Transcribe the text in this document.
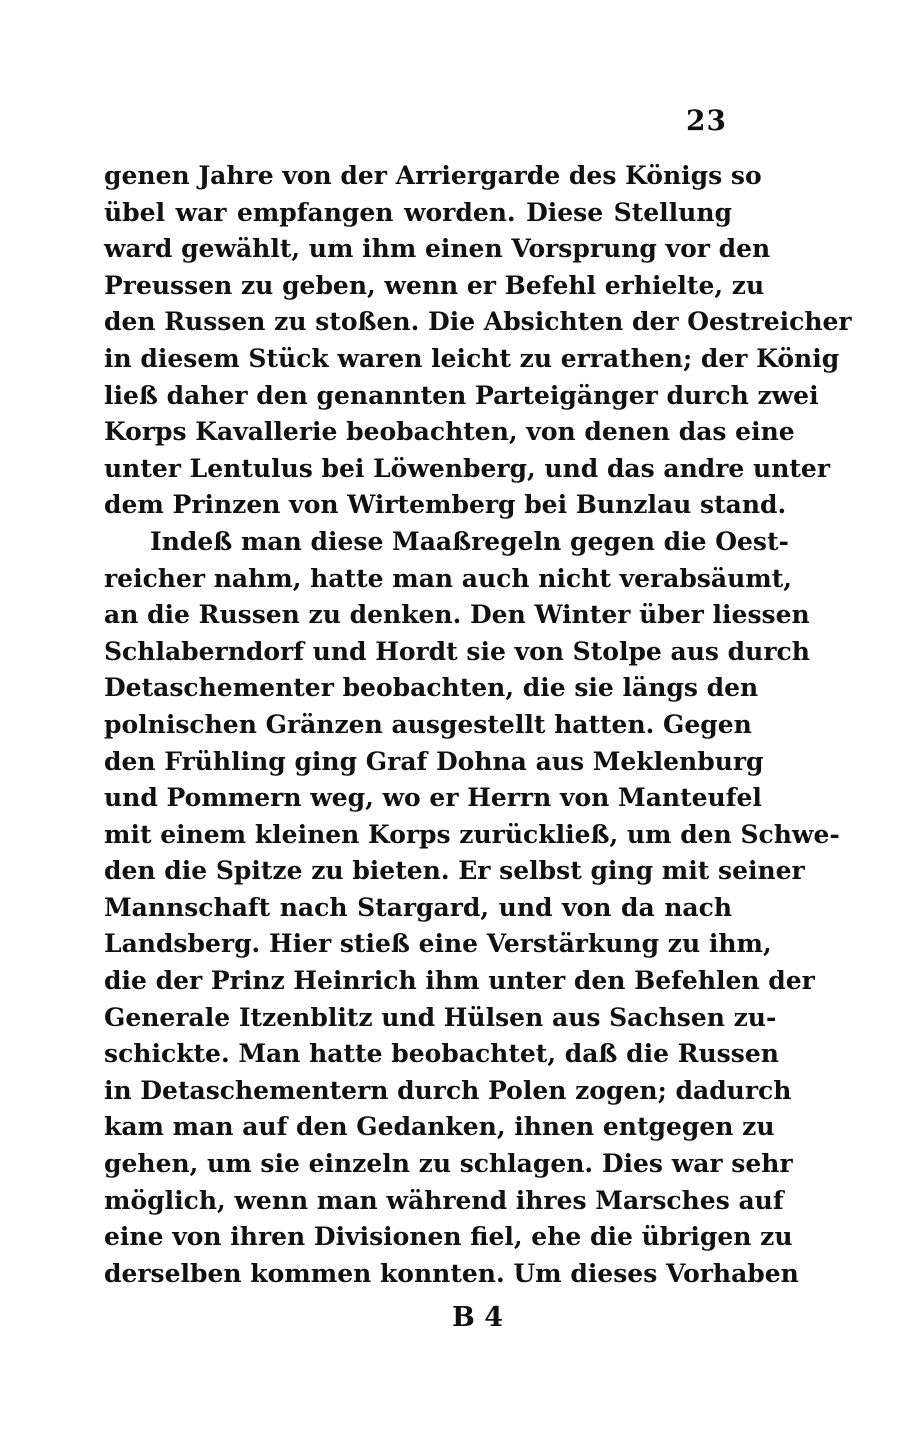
23
genen Jahre von der Arriergarde des Königs so
übel war empfangen worden. Diese Stellung
ward gewählt, um ihm einen Vorsprung vor den
Preussen zu geben, wenn er Befehl erhielte, zu
den Russen zu stoßen. Die Absichten der Oestreicher
in diesem Stück waren leicht zu errathen; der König
ließ daher den genannten Parteigänger durch zwei
Korps Kavallerie beobachten, von denen das eine
unter Lentulus bei Löwenberg, und das andre unter
dem Prinzen von Wirtemberg bei Bunzlau stand.
Indeß man diese Maaßregeln gegen die Oest-
reicher nahm, hatte man auch nicht verabsäumt,
an die Russen zu denken. Den Winter über liessen
Schlaberndorf und Hordt sie von Stolpe aus durch
Detaschementer beobachten, die sie längs den
polnischen Gränzen ausgestellt hatten. Gegen
den Frühling ging Graf Dohna aus Meklenburg
und Pommern weg, wo er Herrn von Manteufel
mit einem kleinen Korps zurückließ, um den Schwe-
den die Spitze zu bieten. Er selbst ging mit seiner
Mannschaft nach Stargard, und von da nach
Landsberg. Hier stieß eine Verstärkung zu ihm,
die der Prinz Heinrich ihm unter den Befehlen der
Generale Itzenblitz und Hülsen aus Sachsen zu-
schickte. Man hatte beobachtet, daß die Russen
in Detaschementern durch Polen zogen; dadurch
kam man auf den Gedanken, ihnen entgegen zu
gehen, um sie einzeln zu schlagen. Dies war sehr
möglich, wenn man während ihres Marsches auf
eine von ihren Divisionen fiel, ehe die übrigen zu
derselben kommen konnten. Um dieses Vorhaben
B 4
